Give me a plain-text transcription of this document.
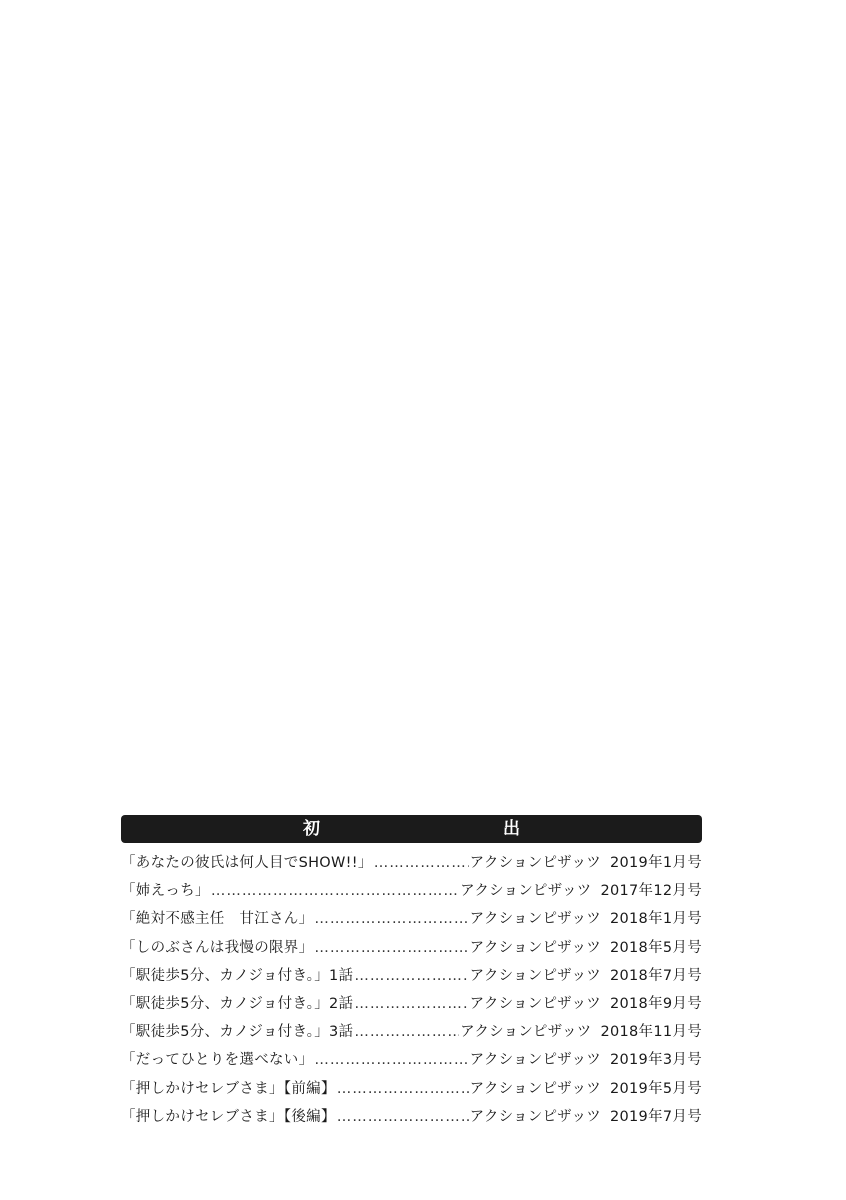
初	出
「あなたの彼氏は何人目でSHOW!!」 …………………………………………………………………………………………………………	アクションピザッツ 2019年1月号
「姉えっち」 …………………………………………………………………………………………………………	アクションピザッツ 2017年12月号
「絶対不感主任　甘江さん」 …………………………………………………………………………………………………………	アクションピザッツ 2018年1月号
「しのぶさんは我慢の限界」 …………………………………………………………………………………………………………	アクションピザッツ 2018年5月号
「駅徒歩5分、カノジョ付き。」1話 …………………………………………………………………………………………………………	アクションピザッツ 2018年7月号
「駅徒歩5分、カノジョ付き。」2話 …………………………………………………………………………………………………………	アクションピザッツ 2018年9月号
「駅徒歩5分、カノジョ付き。」3話 …………………………………………………………………………………………………………	アクションピザッツ 2018年11月号
「だってひとりを選べない」 …………………………………………………………………………………………………………	アクションピザッツ 2019年3月号
「押しかけセレブさま」【前編】 …………………………………………………………………………………………………………	アクションピザッツ 2019年5月号
「押しかけセレブさま」【後編】 …………………………………………………………………………………………………………	アクションピザッツ 2019年7月号
